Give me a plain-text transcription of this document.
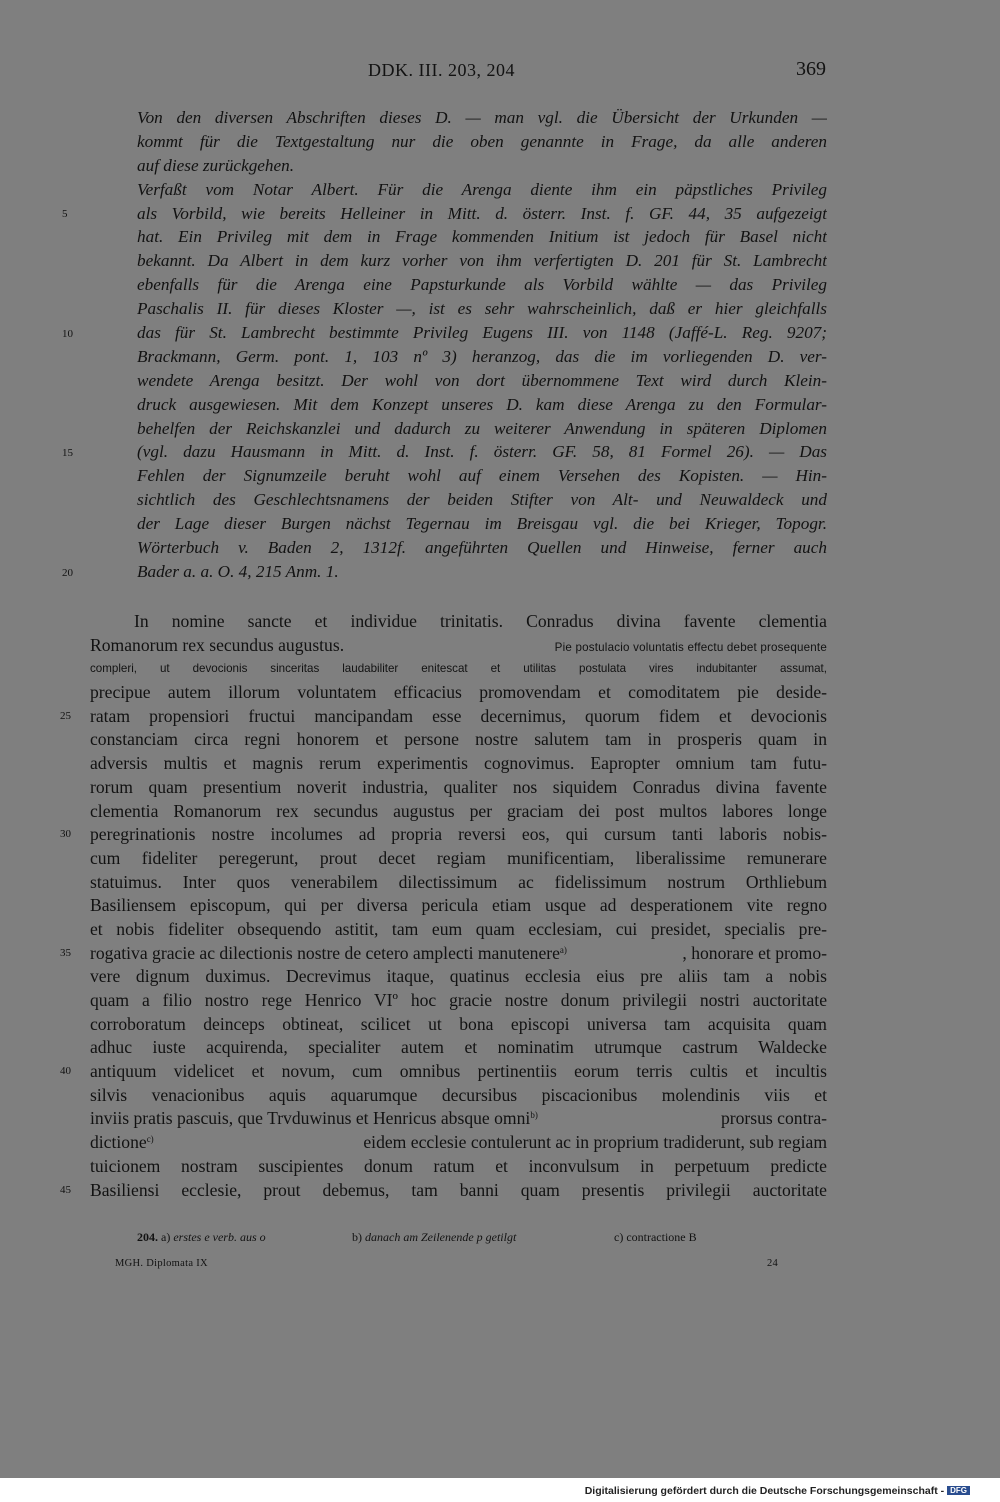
DDK. III. 203, 204	369
5
10
15
20
25
30
35
40
45
Von den diversen Abschriften dieses D. — man vgl. die Übersicht der Urkunden —
kommt für die Textgestaltung nur die oben genannte in Frage, da alle anderen
auf diese zurückgehen.
Verfaßt vom Notar Albert. Für die Arenga diente ihm ein päpstliches Privileg
als Vorbild, wie bereits Helleiner in Mitt. d. österr. Inst. f. GF. 44, 35 aufgezeigt
hat. Ein Privileg mit dem in Frage kommenden Initium ist jedoch für Basel nicht
bekannt. Da Albert in dem kurz vorher von ihm verfertigten D. 201 für St. Lambrecht
ebenfalls für die Arenga eine Papsturkunde als Vorbild wählte — das Privileg
Paschalis II. für dieses Kloster —, ist es sehr wahrscheinlich, daß er hier gleichfalls
das für St. Lambrecht bestimmte Privileg Eugens III. von 1148 (Jaffé-L. Reg. 9207;
Brackmann, Germ. pont. 1, 103 nº 3) heranzog, das die im vorliegenden D. ver-
wendete Arenga besitzt. Der wohl von dort übernommene Text wird durch Klein-
druck ausgewiesen. Mit dem Konzept unseres D. kam diese Arenga zu den Formular-
behelfen der Reichskanzlei und dadurch zu weiterer Anwendung in späteren Diplomen
(vgl. dazu Hausmann in Mitt. d. Inst. f. österr. GF. 58, 81 Formel 26). — Das
Fehlen der Signumzeile beruht wohl auf einem Versehen des Kopisten. — Hin-
sichtlich des Geschlechtsnamens der beiden Stifter von Alt- und Neuwaldeck und
der Lage dieser Burgen nächst Tegernau im Breisgau vgl. die bei Krieger, Topogr.
Wörterbuch v. Baden 2, 1312f. angeführten Quellen und Hinweise, ferner auch
Bader a. a. O. 4, 215 Anm. 1.
In nomine sancte et individue trinitatis. Conradus divina favente clementia
Romanorum rex secundus augustus.	Pie postulacio voluntatis effectu debet prosequente
compleri, ut devocionis sinceritas laudabiliter enitescat et utilitas postulata vires indubitanter assumat,
precipue autem illorum voluntatem efficacius promovendam et comoditatem pie deside-
ratam propensiori fructui mancipandam esse decernimus, quorum fidem et devocionis
constanciam circa regni honorem et persone nostre salutem tam in prosperis quam in
adversis multis et magnis rerum experimentis cognovimus. Eapropter omnium tam futu-
rorum quam presentium noverit industria, qualiter nos siquidem Conradus divina favente
clementia Romanorum rex secundus augustus per graciam dei post multos labores longe
peregrinationis nostre incolumes ad propria reversi eos, qui cursum tanti laboris nobis-
cum fideliter peregerunt, prout decet regiam munificentiam, liberalissime remunerare
statuimus. Inter quos venerabilem dilectissimum ac fidelissimum nostrum Orthliebum
Basiliensem episcopum, qui per diversa pericula etiam usque ad desperationem vite regno
et nobis fideliter obsequendo astitit, tam eum quam ecclesiam, cui presidet, specialis pre-
rogativa gracie ac dilectionis nostre de cetero amplecti manutenere$^{a)}$	, honorare et promo-
vere dignum duximus. Decrevimus itaque, quatinus ecclesia eius pre aliis tam a nobis
quam a filio nostro rege Henrico VIº hoc gracie nostre donum privilegii nostri auctoritate
corroboratum deinceps obtineat, scilicet ut bona episcopi universa tam acquisita quam
adhuc iuste acquirenda, specialiter autem et nominatim utrumque castrum Waldecke
antiquum videlicet et novum, cum omnibus pertinentiis eorum terris cultis et incultis
silvis venacionibus aquis aquarumque decursibus piscacionibus molendinis viis et
inviis pratis pascuis, que Trvduwinus et Henricus absque omni$^{b)}$	prorsus contra-
dictione$^{c)}$	eidem ecclesie contulerunt ac in proprium tradiderunt, sub regiam
tuicionem nostram suscipientes donum ratum et inconvulsum in perpetuum predicte
Basiliensi ecclesie, prout debemus, tam banni quam presentis privilegii auctoritate
204. a) erstes e verb. aus o	b) danach am Zeilenende p getilgt	c) contractione B
MGH. Diplomata IX	24
Digitalisierung gefördert durch die Deutsche Forschungsgemeinschaft - DFG
